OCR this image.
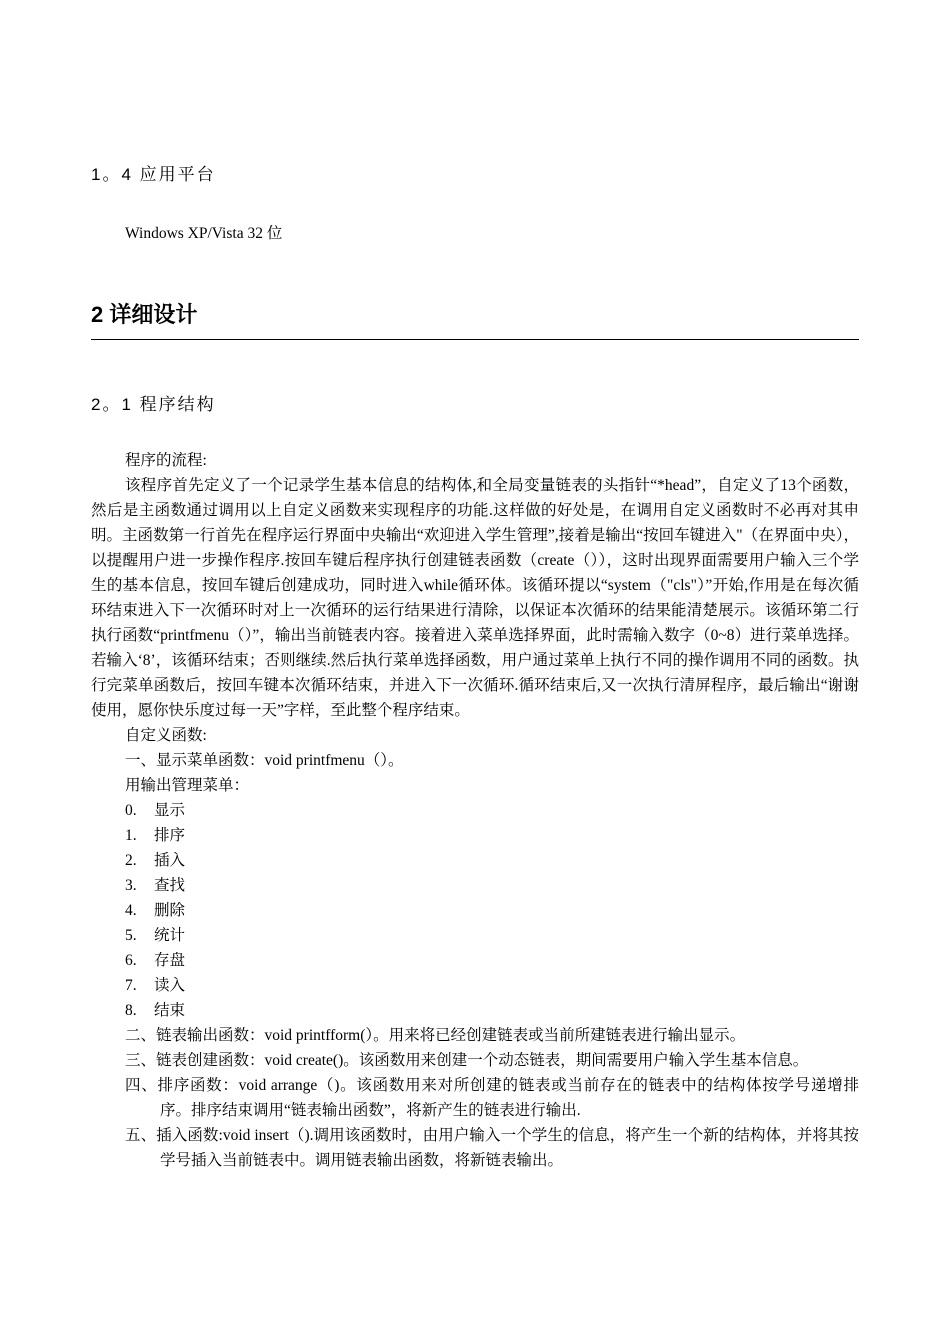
1。4 应用平台
Windows XP/Vista 32 位
2 详细设计
2。1 程序结构
程序的流程:
该程序首先定义了一个记录学生基本信息的结构体,和全局变量链表的头指针“*head”，自定义了13个函数，然后是主函数通过调用以上自定义函数来实现程序的功能.这样做的好处是，在调用自定义函数时不必再对其申明。主函数第一行首先在程序运行界面中央输出“欢迎进入学生管理”,接着是输出“按回车键进入"（在界面中央），以提醒用户进一步操作程序.按回车键后程序执行创建链表函数（create（）），这时出现界面需要用户输入三个学生的基本信息，按回车键后创建成功，同时进入while循环体。该循环提以“system（"cls"）”开始,作用是在每次循环结束进入下一次循环时对上一次循环的运行结果进行清除，以保证本次循环的结果能清楚展示。该循环第二行执行函数“printfmenu（）”，输出当前链表内容。接着进入菜单选择界面，此时需输入数字（0~8）进行菜单选择。若输入‘8’，该循环结束；否则继续.然后执行菜单选择函数，用户通过菜单上执行不同的操作调用不同的函数。执行完菜单函数后，按回车键本次循环结束，并进入下一次循环.循环结束后,又一次执行清屏程序，最后输出“谢谢使用，愿你快乐度过每一天”字样，至此整个程序结束。
自定义函数:
一、显示菜单函数：void printfmenu（）。
用输出管理菜单：
0. 显示
1. 排序
2. 插入
3. 查找
4. 删除
5. 统计
6. 存盘
7. 读入
8. 结束
二、链表输出函数：void printfform(）。用来将已经创建链表或当前所建链表进行输出显示。
三、链表创建函数：void create()。该函数用来创建一个动态链表，期间需要用户输入学生基本信息。
四、排序函数：void arrange（)。该函数用来对所创建的链表或当前存在的链表中的结构体按学号递增排序。排序结束调用“链表输出函数”，将新产生的链表进行输出.
五、插入函数:void insert（).调用该函数时，由用户输入一个学生的信息，将产生一个新的结构体，并将其按学号插入当前链表中。调用链表输出函数，将新链表输出。
